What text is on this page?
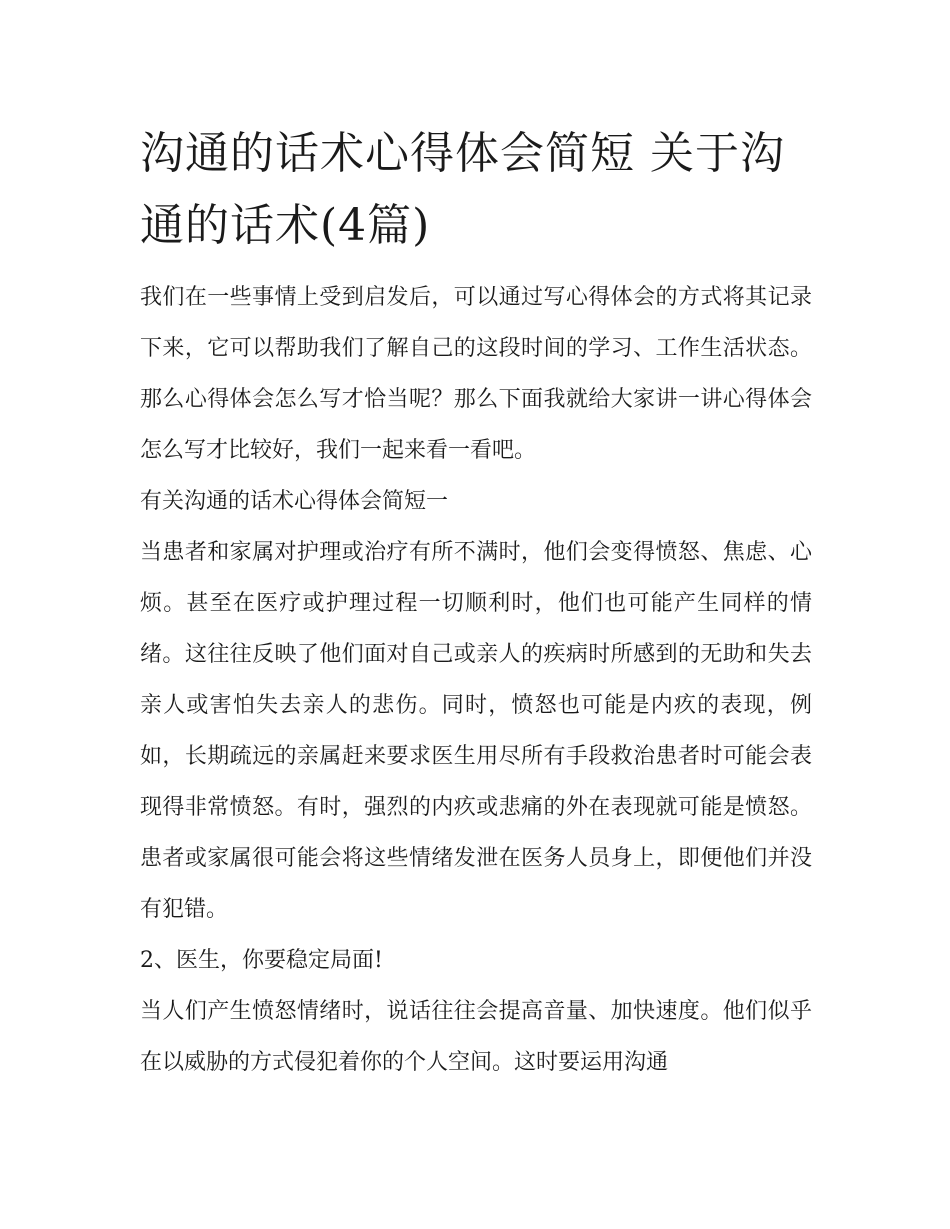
沟通的话术心得体会简短 关于沟通的话术(4篇)

我们在一些事情上受到启发后，可以通过写心得体会的方式将其记录下来，它可以帮助我们了解自己的这段时间的学习、工作生活状态。那么心得体会怎么写才恰当呢？那么下面我就给大家讲一讲心得体会怎么写才比较好，我们一起来看一看吧。

有关沟通的话术心得体会简短一

当患者和家属对护理或治疗有所不满时，他们会变得愤怒、焦虑、心烦。甚至在医疗或护理过程一切顺利时，他们也可能产生同样的情绪。这往往反映了他们面对自己或亲人的疾病时所感到的无助和失去亲人或害怕失去亲人的悲伤。同时，愤怒也可能是内疚的表现，例如，长期疏远的亲属赶来要求医生用尽所有手段救治患者时可能会表现得非常愤怒。有时，强烈的内疚或悲痛的外在表现就可能是愤怒。患者或家属很可能会将这些情绪发泄在医务人员身上，即便他们并没有犯错。

2、医生，你要稳定局面!

当人们产生愤怒情绪时，说话往往会提高音量、加快速度。他们似乎在以威胁的方式侵犯着你的个人空间。这时要运用沟通
